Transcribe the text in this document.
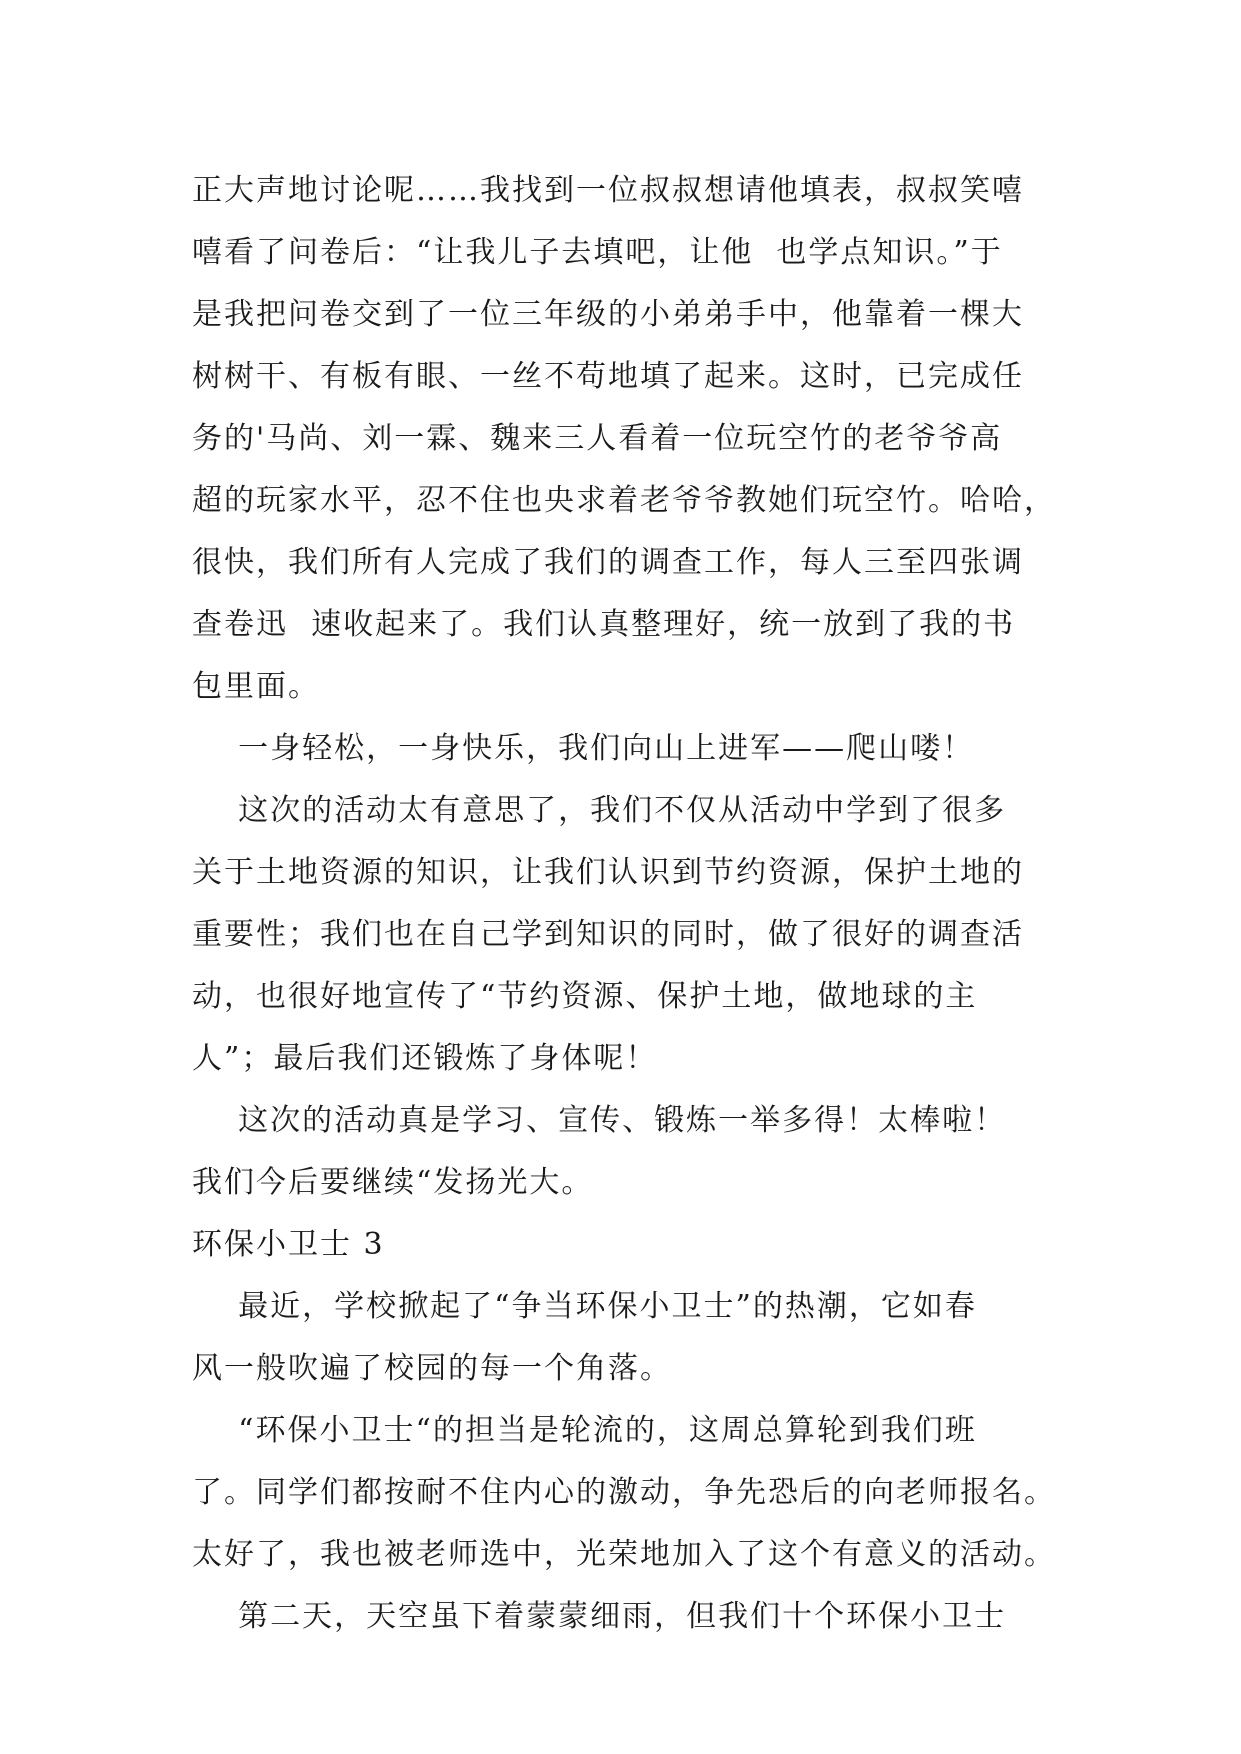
正大声地讨论呢……我找到一位叔叔想请他填表，叔叔笑嘻
嘻看了问卷后：“让我儿子去填吧，让他  也学点知识。”于
是我把问卷交到了一位三年级的小弟弟手中，他靠着一棵大
树树干、有板有眼、一丝不苟地填了起来。这时，已完成任
务的'马尚、刘一霖、魏来三人看着一位玩空竹的老爷爷高
超的玩家水平，忍不住也央求着老爷爷教她们玩空竹。哈哈，
很快，我们所有人完成了我们的调查工作，每人三至四张调
查卷迅  速收起来了。我们认真整理好，统一放到了我的书
包里面。
一身轻松，一身快乐，我们向山上进军——爬山喽！
这次的活动太有意思了，我们不仅从活动中学到了很多
关于土地资源的知识，让我们认识到节约资源，保护土地的
重要性；我们也在自己学到知识的同时，做了很好的调查活
动，也很好地宣传了“节约资源、保护土地，做地球的主
人”；最后我们还锻炼了身体呢！
这次的活动真是学习、宣传、锻炼一举多得！太棒啦！
我们今后要继续“发扬光大。
环保小卫士 3
最近，学校掀起了“争当环保小卫士”的热潮，它如春
风一般吹遍了校园的每一个角落。
“环保小卫士“的担当是轮流的，这周总算轮到我们班
了。同学们都按耐不住内心的激动，争先恐后的向老师报名。
太好了，我也被老师选中，光荣地加入了这个有意义的活动。
第二天，天空虽下着蒙蒙细雨，但我们十个环保小卫士
